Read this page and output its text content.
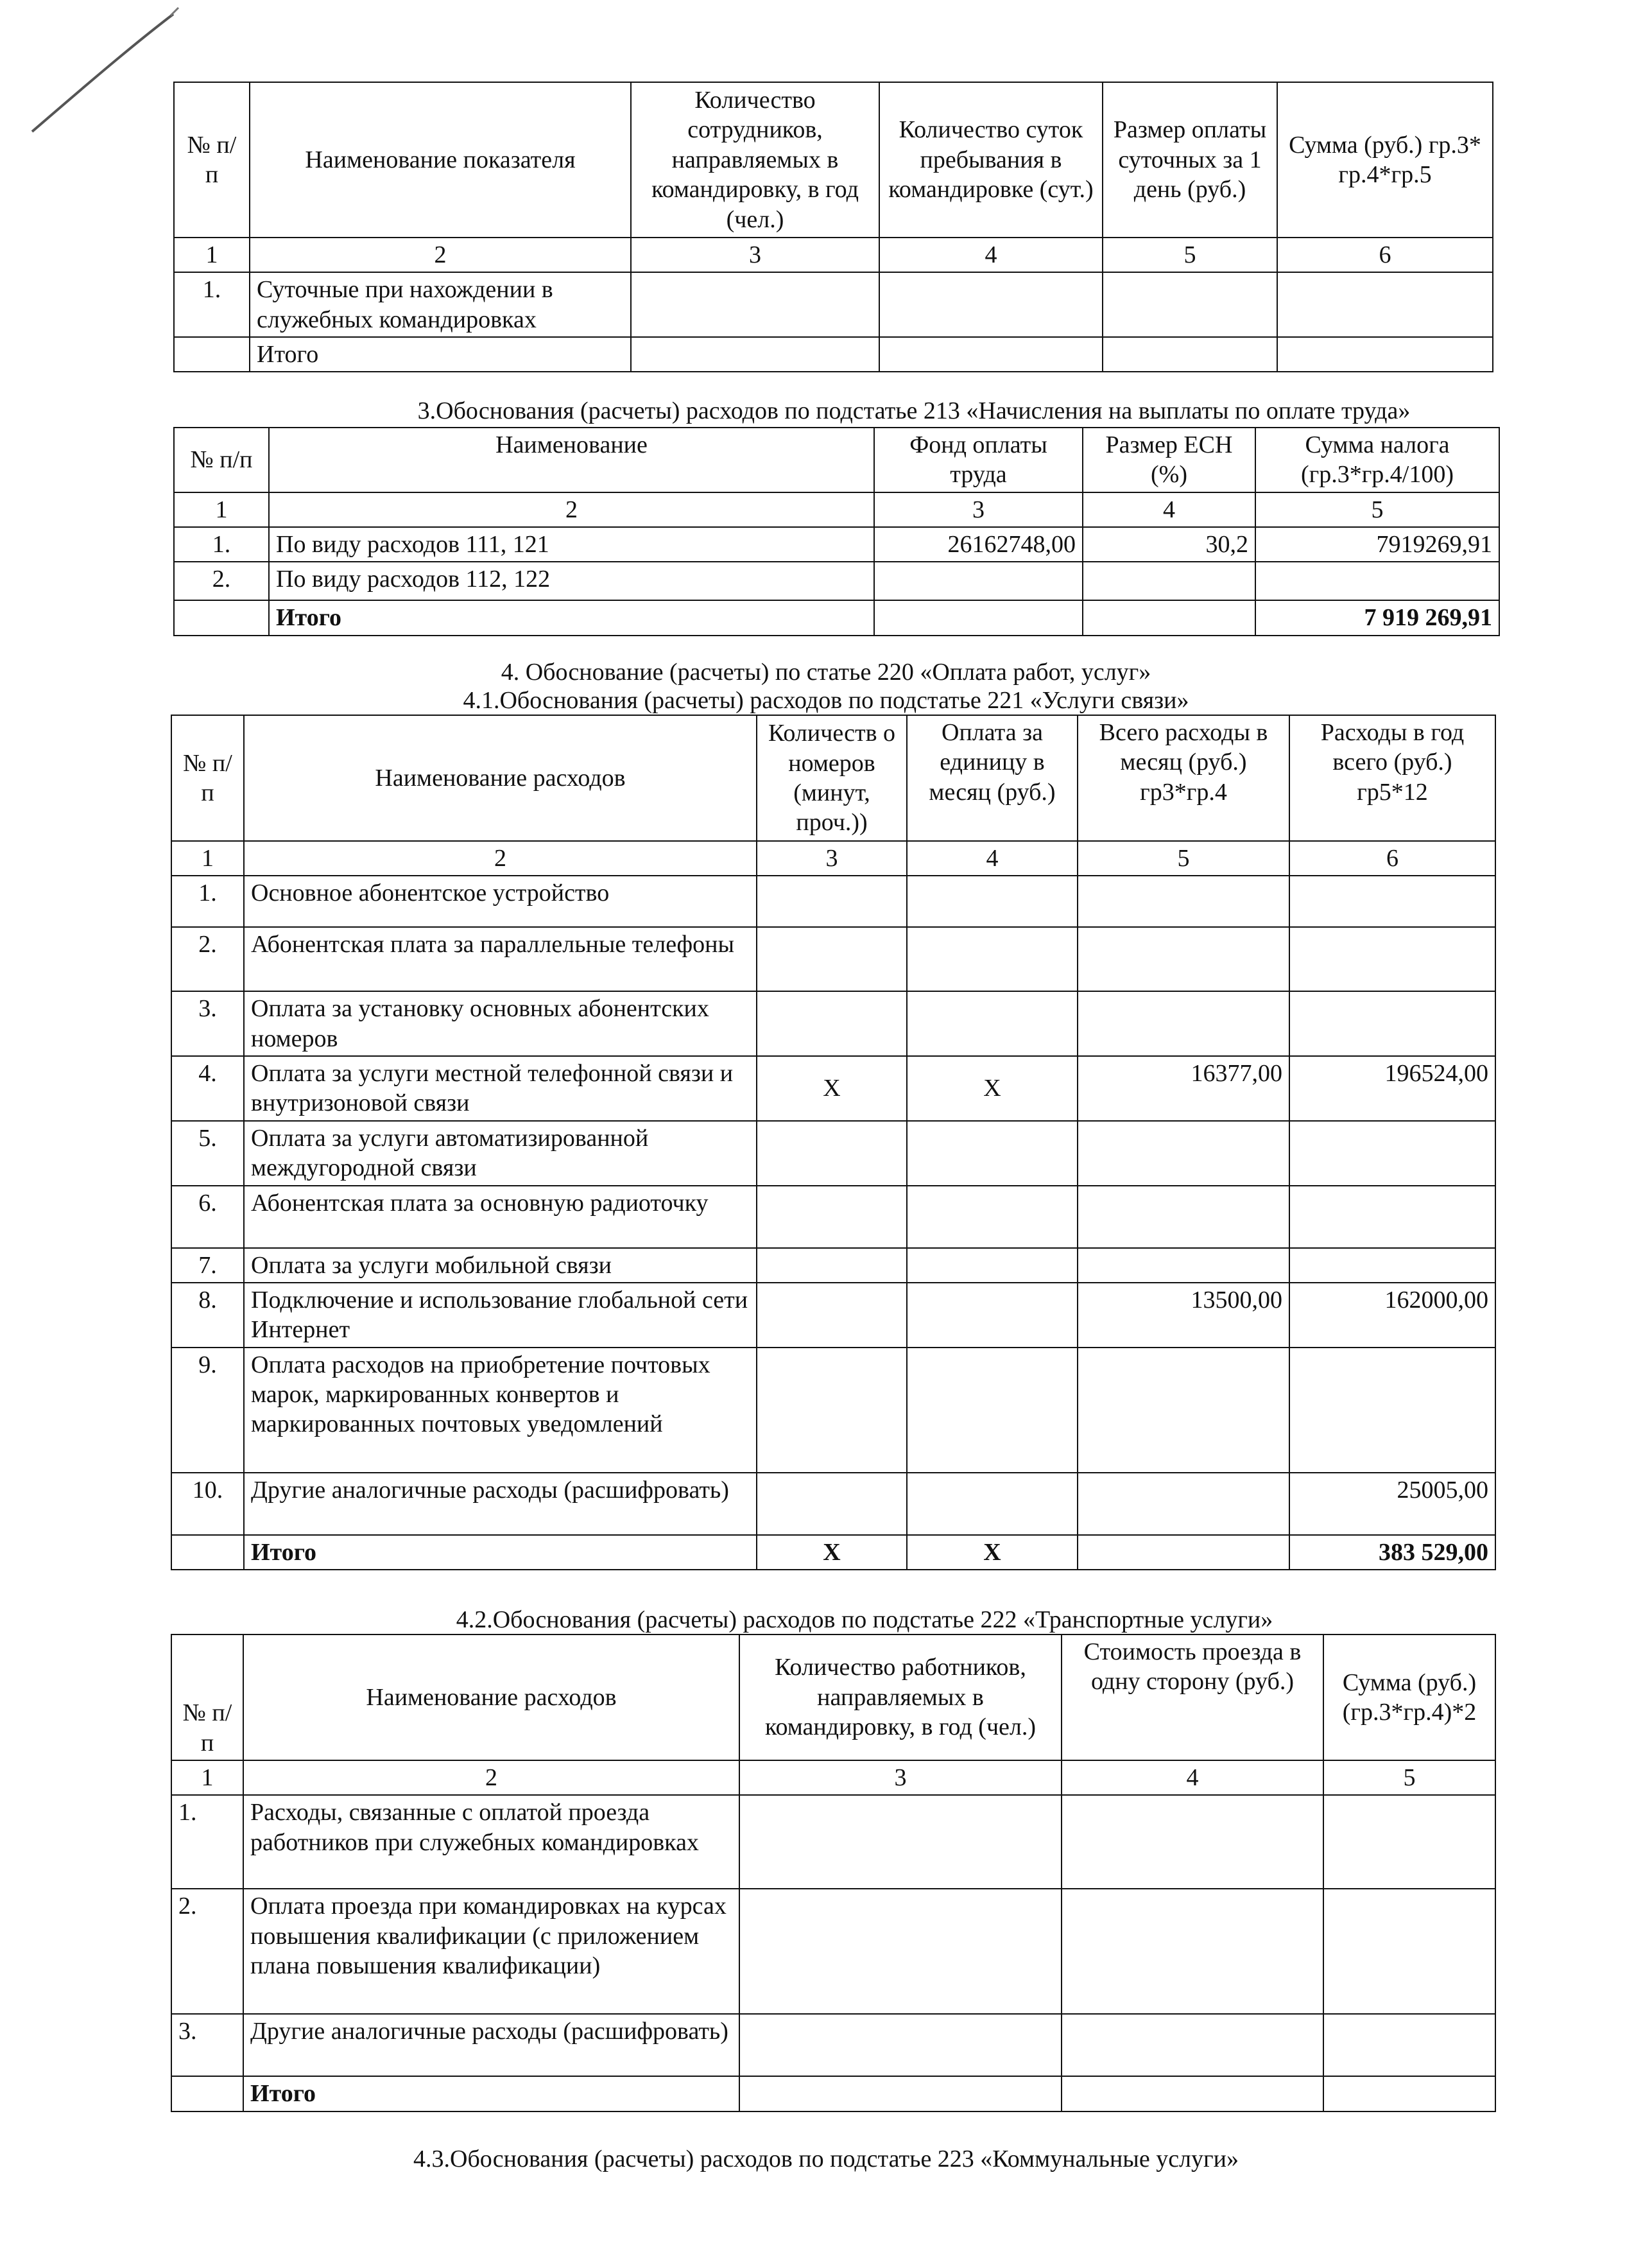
№ п/п	Наименование показателя	Количество сотрудников, направляемых в командировку, в год (чел.)	Количество суток пребывания в командировке (сут.)	Размер оплаты суточных за 1 день (руб.)	Сумма (руб.) гр.3* гр.4*гр.5
1	2	3	4	5	6
1.	Суточные при нахождении в служебных командировках				
	Итого				
3.Обоснования (расчеты) расходов по подстатье 213 «Начисления на выплаты по оплате труда»
№ п/п	Наименование	Фонд оплаты труда	Размер ЕСН (%)	Сумма налога (гр.3*гр.4/100)
1	2	3	4	5
1.	По виду расходов 111, 121	26162748,00	30,2	7919269,91
2.	По виду расходов 112, 122			
	Итого			7 919 269,91
4. Обоснование (расчеты) по статье 220 «Оплата работ, услуг»
4.1.Обоснования (расчеты) расходов по подстатье 221 «Услуги связи»
№ п/п	Наименование расходов	Количеств о номеров (минут, проч.))	Оплата за единицу в месяц (руб.)	Всего расходы в месяц (руб.) гр3*гр.4	Расходы в год всего (руб.) гр5*12
1	2	3	4	5	6
1.	Основное абонентское устройство				
2.	Абонентская плата за параллельные телефоны				
3.	Оплата за установку основных абонентских номеров				
4.	Оплата за услуги местной телефонной связи и внутризоновой связи	X	X	16377,00	196524,00
5.	Оплата за услуги автоматизированной междугородной связи				
6.	Абонентская плата за основную радиоточку				
7.	Оплата за услуги мобильной связи				
8.	Подключение и использование глобальной сети Интернет			13500,00	162000,00
9.	Оплата расходов на приобретение почтовых марок, маркированных конвертов и маркированных почтовых уведомлений				
10.	Другие аналогичные расходы (расшифровать)				25005,00
	Итого	X	X		383 529,00
4.2.Обоснования (расчеты) расходов по подстатье 222 «Транспортные услуги»
№ п/п	Наименование расходов	Количество работников, направляемых в командировку, в год (чел.)	Стоимость проезда в одну сторону (руб.)	Сумма (руб.) (гр.3*гр.4)*2
1	2	3	4	5
1.	Расходы, связанные с оплатой проезда работников при служебных командировках			
2.	Оплата проезда при командировках на курсах повышения квалификации (с приложением плана повышения квалификации)			
3.	Другие аналогичные расходы (расшифровать)			
	Итого			
4.3.Обоснования (расчеты) расходов по подстатье 223 «Коммунальные услуги»
